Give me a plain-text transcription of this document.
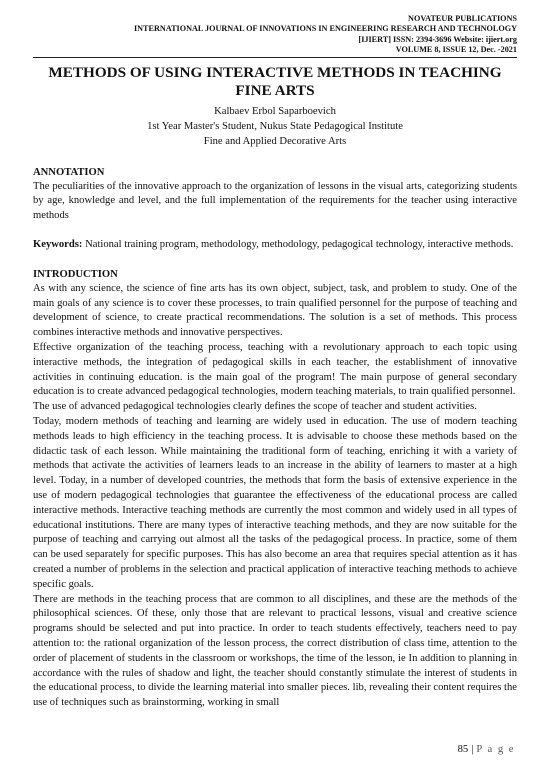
NOVATEUR PUBLICATIONS
INTERNATIONAL JOURNAL OF INNOVATIONS IN ENGINEERING RESEARCH AND TECHNOLOGY
[IJIERT] ISSN: 2394-3696 Website: ijiert.org
VOLUME 8, ISSUE 12, Dec. -2021
METHODS OF USING INTERACTIVE METHODS IN TEACHING FINE ARTS
Kalbaev Erbol Saparboevich
1st Year Master's Student, Nukus State Pedagogical Institute
Fine and Applied Decorative Arts
ANNOTATION

The peculiarities of the innovative approach to the organization of lessons in the visual arts, categorizing students by age, knowledge and level, and the full implementation of the requirements for the teacher using interactive methods

Keywords: National training program, methodology, methodology, pedagogical technology, interactive methods.

INTRODUCTION

As with any science, the science of fine arts has its own object, subject, task, and problem to study. One of the main goals of any science is to cover these processes, to train qualified personnel for the purpose of teaching and development of science, to create practical recommendations. The solution is a set of methods. This process combines interactive methods and innovative perspectives.

Effective organization of the teaching process, teaching with a revolutionary approach to each topic using interactive methods, the integration of pedagogical skills in each teacher, the establishment of innovative activities in continuing education. is the main goal of the program! The main purpose of general secondary education is to create advanced pedagogical technologies, modern teaching materials, to train qualified personnel.

The use of advanced pedagogical technologies clearly defines the scope of teacher and student activities.

Today, modern methods of teaching and learning are widely used in education. The use of modern teaching methods leads to high efficiency in the teaching process. It is advisable to choose these methods based on the didactic task of each lesson. While maintaining the traditional form of teaching, enriching it with a variety of methods that activate the activities of learners leads to an increase in the ability of learners to master at a high level. Today, in a number of developed countries, the methods that form the basis of extensive experience in the use of modern pedagogical technologies that guarantee the effectiveness of the educational process are called interactive methods. Interactive teaching methods are currently the most common and widely used in all types of educational institutions. There are many types of interactive teaching methods, and they are now suitable for the purpose of teaching and carrying out almost all the tasks of the pedagogical process. In practice, some of them can be used separately for specific purposes. This has also become an area that requires special attention as it has created a number of problems in the selection and practical application of interactive teaching methods to achieve specific goals.

There are methods in the teaching process that are common to all disciplines, and these are the methods of the philosophical sciences. Of these, only those that are relevant to practical lessons, visual and creative science programs should be selected and put into practice. In order to teach students effectively, teachers need to pay attention to: the rational organization of the lesson process, the correct distribution of class time, attention to the order of placement of students in the classroom or workshops, the time of the lesson, ie In addition to planning in accordance with the rules of shadow and light, the teacher should constantly stimulate the interest of students in the educational process, to divide the learning material into smaller pieces. lib, revealing their content requires the use of techniques such as brainstorming, working in small

85 | P a g e
